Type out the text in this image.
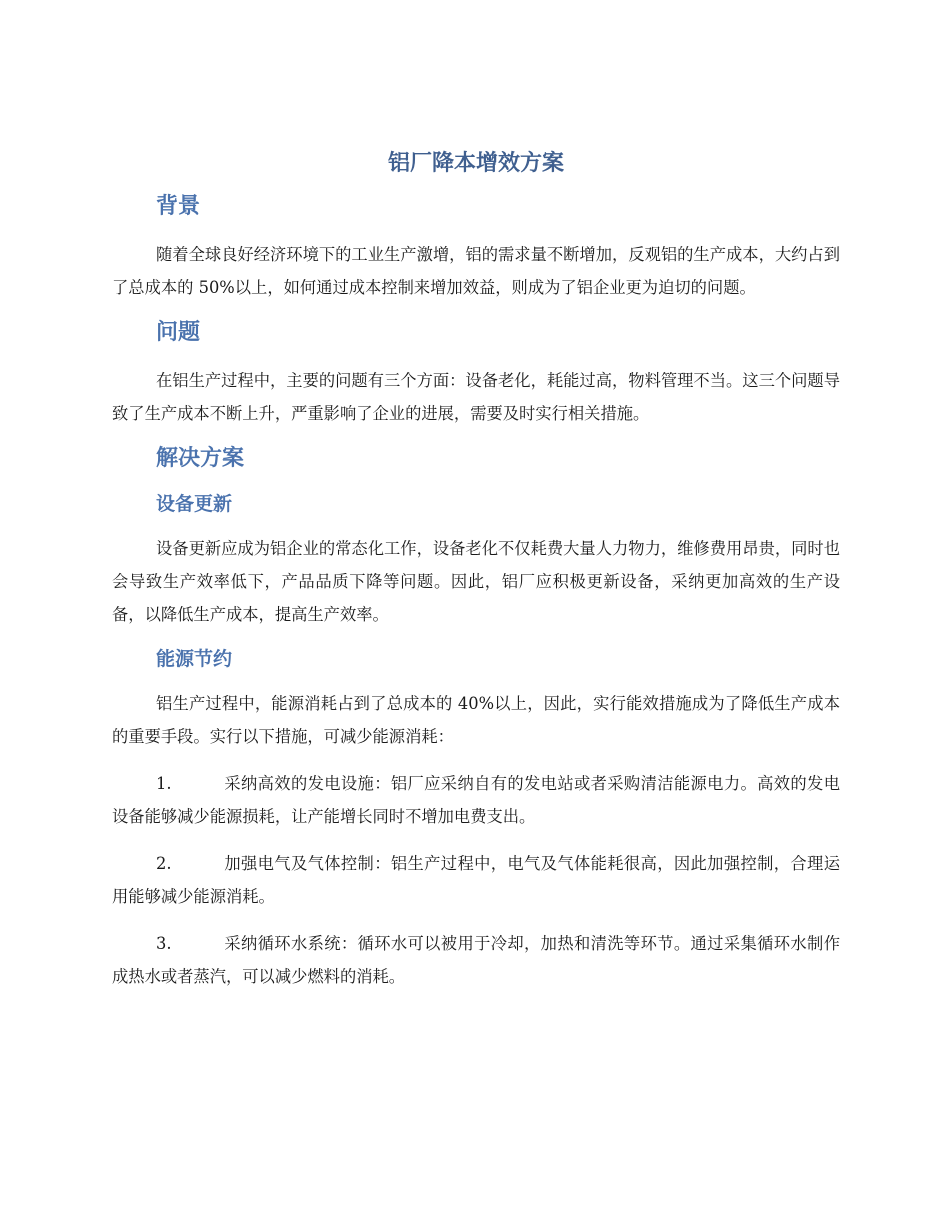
铝厂降本增效方案
背景

随着全球良好经济环境下的工业生产激增，铝的需求量不断增加，反观铝的生产成本，大约占到了总成本的 50%以上，如何通过成本控制来增加效益，则成为了铝企业更为迫切的问题。

问题

在铝生产过程中，主要的问题有三个方面：设备老化，耗能过高，物料管理不当。这三个问题导致了生产成本不断上升，严重影响了企业的进展，需要及时实行相关措施。

解决方案
设备更新

设备更新应成为铝企业的常态化工作，设备老化不仅耗费大量人力物力，维修费用昂贵，同时也会导致生产效率低下，产品品质下降等问题。因此，铝厂应积极更新设备，采纳更加高效的生产设备，以降低生产成本，提高生产效率。

能源节约

铝生产过程中，能源消耗占到了总成本的 40%以上，因此，实行能效措施成为了降低生产成本的重要手段。实行以下措施，可减少能源消耗：

1.	采纳高效的发电设施：铝厂应采纳自有的发电站或者采购清洁能源电力。高效的发电设备能够减少能源损耗，让产能增长同时不增加电费支出。
2.	加强电气及气体控制：铝生产过程中，电气及气体能耗很高，因此加强控制，合理运用能够减少能源消耗。
3.	采纳循环水系统：循环水可以被用于冷却，加热和清洗等环节。通过采集循环水制作成热水或者蒸汽，可以减少燃料的消耗。
